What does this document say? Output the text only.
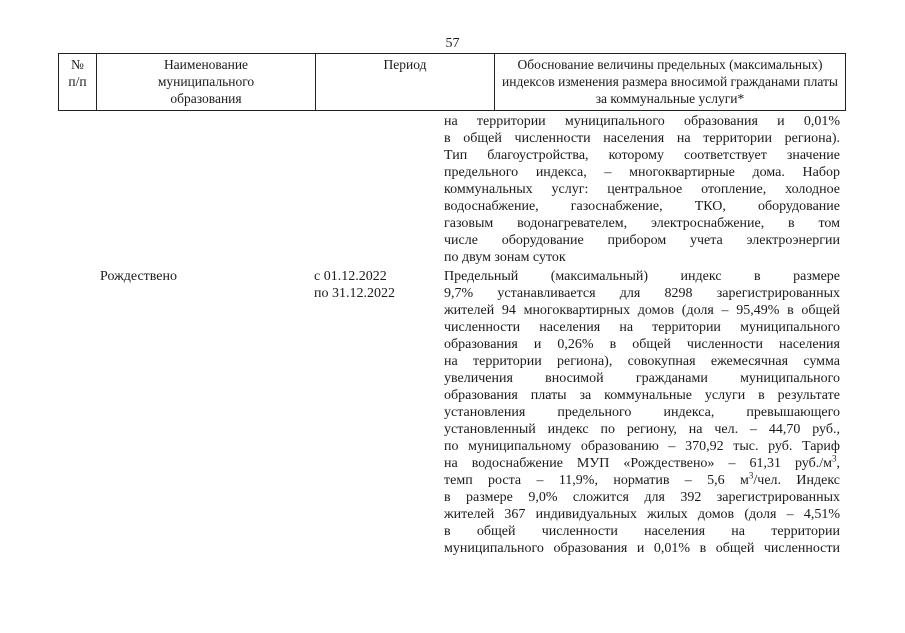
57
№
п/п
Наименование
муниципального
образования
Период	Обоснование величины предельных (максимальных)
индексов изменения размера вносимой гражданами платы
за коммунальные услуги*
на территории муниципального образования и 0,01%
в общей численности населения на территории региона).
Тип благоустройства, которому соответствует значение
предельного индекса, – многоквартирные дома. Набор
коммунальных услуг: центральное отопление, холодное
водоснабжение, газоснабжение, ТКО, оборудование
газовым водонагревателем, электроснабжение, в том
числе оборудование прибором учета электроэнергии
по двум зонам суток
Рождествено	с 01.12.2022
по 31.12.2022
Предельный (максимальный) индекс в размере
9,7% устанавливается для 8298 зарегистрированных
жителей 94 многоквартирных домов (доля – 95,49% в общей
численности населения на территории муниципального
образования и 0,26% в общей численности населения
на территории региона), совокупная ежемесячная сумма
увеличения вносимой гражданами муниципального
образования платы за коммунальные услуги в результате
установления предельного индекса, превышающего
установленный индекс по региону, на чел. – 44,70 руб.,
по муниципальному образованию – 370,92 тыс. руб. Тариф
на водоснабжение МУП «Рождествено» – 61,31 $руб./м^3$,
темп роста – 11,9%, норматив – 5,6 $м^3$/чел. Индекс
в размере 9,0% сложится для 392 зарегистрированных
жителей 367 индивидуальных жилых домов (доля – 4,51%
в общей численности населения на территории
муниципального образования и 0,01% в общей численности
